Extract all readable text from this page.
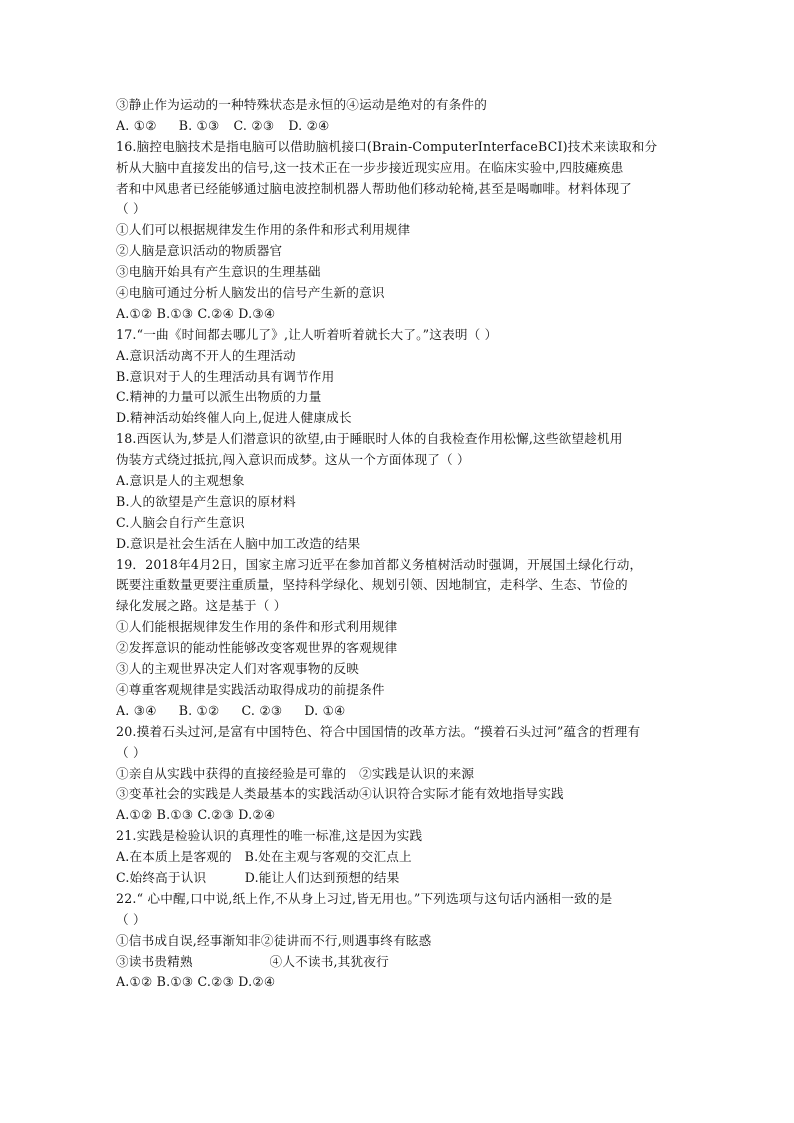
③静止作为运动的一种特殊状态是永恒的④运动是绝对的有条件的
A. ①② B. ①③ C. ②③ D. ②④
16.脑控电脑技术是指电脑可以借助脑机接口(Brain-ComputerInterfaceBCI)技术来读取和分
析从大脑中直接发出的信号,这一技术正在一步步接近现实应用。在临床实验中,四肢瘫痪患
者和中风患者已经能够通过脑电波控制机器人帮助他们移动轮椅,甚至是喝咖啡。材料体现了
（ ）
①人们可以根据规律发生作用的条件和形式利用规律
②人脑是意识活动的物质器官
③电脑开始具有产生意识的生理基础
④电脑可通过分析人脑发出的信号产生新的意识
A.①② B.①③ C.②④ D.③④
17.“一曲《时间都去哪儿了》,让人听着听着就长大了。”这表明（ ）
A.意识活动离不开人的生理活动
B.意识对于人的生理活动具有调节作用
C.精神的力量可以派生出物质的力量
D.精神活动始终催人向上,促进人健康成长
18.西医认为,梦是人们潜意识的欲望,由于睡眠时人体的自我检查作用松懈,这些欲望趁机用
伪装方式绕过抵抗,闯入意识而成梦。这从一个方面体现了（ ）
A.意识是人的主观想象
B.人的欲望是产生意识的原材料
C.人脑会自行产生意识
D.意识是社会生活在人脑中加工改造的结果
19．2018年4月2日，国家主席习近平在参加首都义务植树活动时强调，开展国土绿化行动，
既要注重数量更要注重质量，坚持科学绿化、规划引领、因地制宜，走科学、生态、节俭的
绿化发展之路。这是基于（ ）
①人们能根据规律发生作用的条件和形式利用规律
②发挥意识的能动性能够改变客观世界的客观规律
③人的主观世界决定人们对客观事物的反映
④尊重客观规律是实践活动取得成功的前提条件
A. ③④ B. ①② C. ②③ D. ①④
20.摸着石头过河,是富有中国特色、符合中国国情的改革方法。“摸着石头过河”蕴含的哲理有
（ ）
①亲自从实践中获得的直接经验是可靠的　②实践是认识的来源
③变革社会的实践是人类最基本的实践活动④认识符合实际才能有效地指导实践
A.①② B.①③ C.②③ D.②④
21.实践是检验认识的真理性的唯一标准,这是因为实践
A.在本质上是客观的　B.处在主观与客观的交汇点上
C.始终高于认识　　　D.能让人们达到预想的结果
22.“ 心中醒,口中说,纸上作,不从身上习过,皆无用也。”下列选项与这句话内涵相一致的是
（ ）
①信书成自误,经事渐知非②徒讲而不行,则遇事终有眩惑
③读书贵精熟　　　　　　④人不读书,其犹夜行
A.①② B.①③ C.②③ D.②④
